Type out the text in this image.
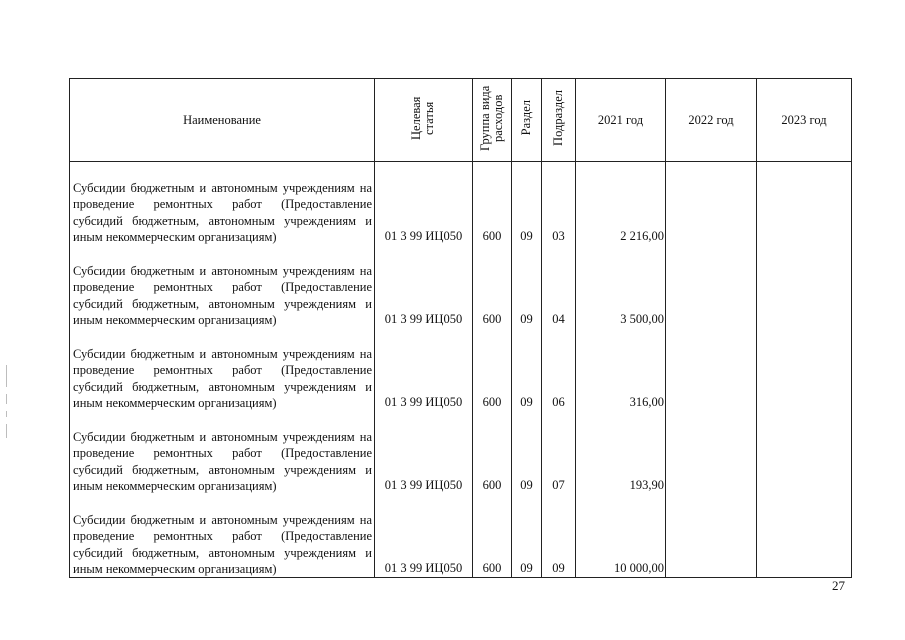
Наименование	Целевая статья	Группа вида расходов	Раздел	Подраздел	2021 год	2022 год	2023 год
Субсидии бюджетным и автономным учреждениям на проведение ремонтных работ (Предоставление субсидий бюджетным, автономным учреждениям и иным некоммерческим организациям)	01 3 99 ИЦ050	600	09	03	2 216,00		
Субсидии бюджетным и автономным учреждениям на проведение ремонтных работ (Предоставление субсидий бюджетным, автономным учреждениям и иным некоммерческим организациям)	01 3 99 ИЦ050	600	09	04	3 500,00		
Субсидии бюджетным и автономным учреждениям на проведение ремонтных работ (Предоставление субсидий бюджетным, автономным учреждениям и иным некоммерческим организациям)	01 3 99 ИЦ050	600	09	06	316,00		
Субсидии бюджетным и автономным учреждениям на проведение ремонтных работ (Предоставление субсидий бюджетным, автономным учреждениям и иным некоммерческим организациям)	01 3 99 ИЦ050	600	09	07	193,90		
Субсидии бюджетным и автономным учреждениям на проведение ремонтных работ (Предоставление субсидий бюджетным, автономным учреждениям и иным некоммерческим организациям)	01 3 99 ИЦ050	600	09	09	10 000,00		
27
